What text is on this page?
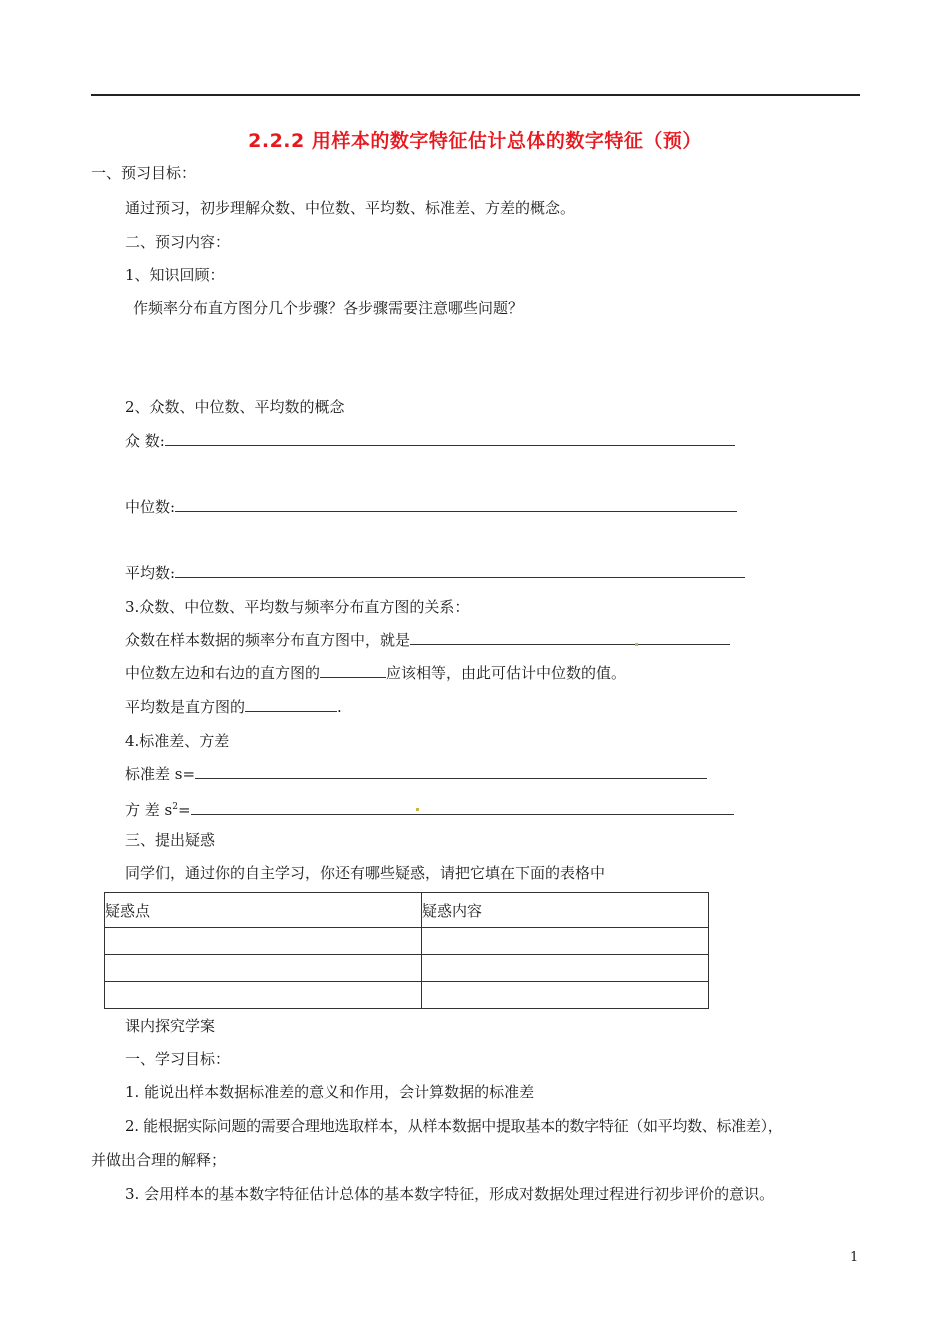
2.2.2 用样本的数字特征估计总体的数字特征（预）
一、预习目标：
通过预习，初步理解众数、中位数、平均数、标准差、方差的概念。
二、预习内容：
1、知识回顾：
作频率分布直方图分几个步骤？各步骤需要注意哪些问题？
2、众数、中位数、平均数的概念
众 数:
中位数:
平均数:
3.众数、中位数、平均数与频率分布直方图的关系：
众数在样本数据的频率分布直方图中，就是
中位数左边和右边的直方图的	应该相等，由此可估计中位数的值。
平均数是直方图的	.
4.标准差、方差
标准差 s=
方 差 $s^2=$
三、提出疑惑
同学们，通过你的自主学习，你还有哪些疑惑，请把它填在下面的表格中
疑惑点	疑惑内容

课内探究学案
一、学习目标：
1. 能说出样本数据标准差的意义和作用，会计算数据的标准差
2. 能根据实际问题的需要合理地选取样本，从样本数据中提取基本的数字特征（如平均数、标准差），
并做出合理的解释；
3. 会用样本的基本数字特征估计总体的基本数字特征，形成对数据处理过程进行初步评价的意识。
1
